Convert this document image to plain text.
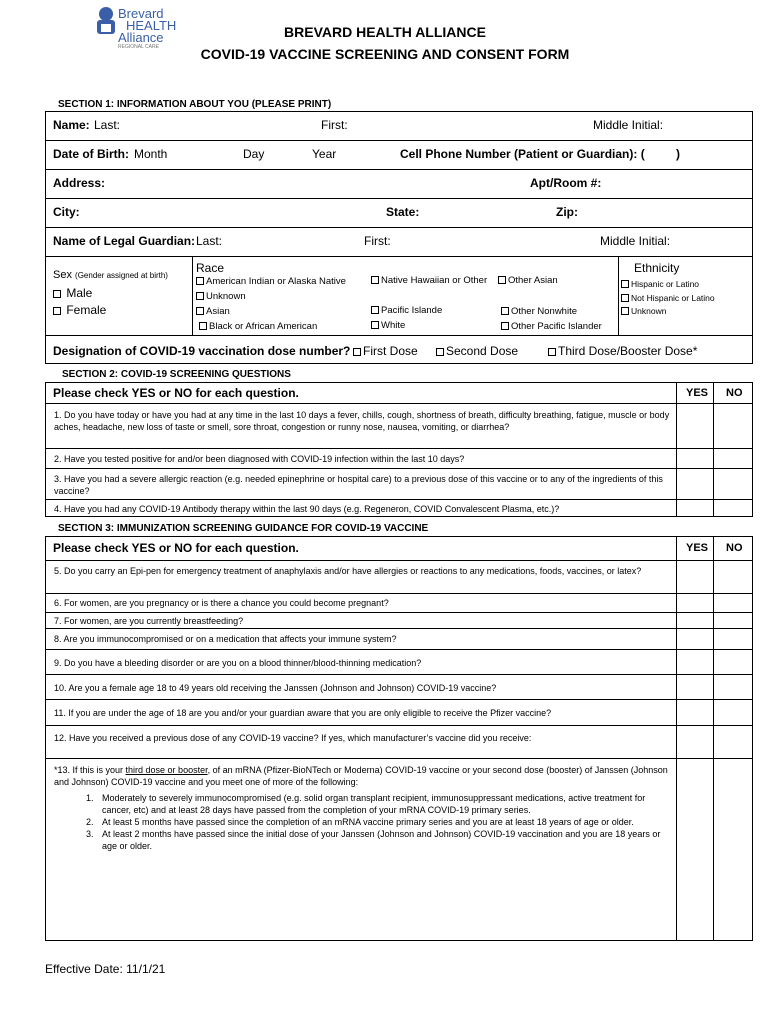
Brevard
HEALTH
Alliance
REGIONAL CARE
BREVARD HEALTH ALLIANCE
COVID-19 VACCINE SCREENING AND CONSENT FORM
SECTION 1: INFORMATION ABOUT YOU (PLEASE PRINT)
Name: Last:	First:	Middle Initial:
Date of Birth: Month	Day	Year	Cell Phone Number (Patient or Guardian): (	)
Address:	Apt/Room #:
City:	State:	Zip:
Name of Legal Guardian: Last:	First:	Middle Initial:
Sex (Gender assigned at birth)
Male
Female
Race
American Indian or Alaska Native	Native Hawaiian or Other	Other Asian
Unknown
Asian	Pacific Islande	Other Nonwhite
Black or African American	White	Other Pacific Islander
Ethnicity
Hispanic or Latino
Not Hispanic or Latino
Unknown
Designation of COVID-19 vaccination dose number?	First Dose	Second Dose	Third Dose/Booster Dose*
SECTION 2: COVID-19 SCREENING QUESTIONS
Please check YES or NO for each question.	YES NO
1. Do you have today or have you had at any time in the last 10 days a fever, chills, cough, shortness of breath, difficulty breathing, fatigue, muscle or body aches, headache, new loss of taste or smell, sore throat, congestion or runny nose, nausea, vomiting, or diarrhea?
2. Have you tested positive for and/or been diagnosed with COVID-19 infection within the last 10 days?
3. Have you had a severe allergic reaction (e.g. needed epinephrine or hospital care) to a previous dose of this vaccine or to any of the ingredients of this vaccine?
4. Have you had any COVID-19 Antibody therapy within the last 90 days (e.g. Regeneron, COVID Convalescent Plasma, etc.)?
SECTION 3: IMMUNIZATION SCREENING GUIDANCE FOR COVID-19 VACCINE
Please check YES or NO for each question.	YES NO
5. Do you carry an Epi-pen for emergency treatment of anaphylaxis and/or have allergies or reactions to any medications, foods, vaccines, or latex?
6. For women, are you pregnancy or is there a chance you could become pregnant?
7. For women, are you currently breastfeeding?
8. Are you immunocompromised or on a medication that affects your immune system?
9. Do you have a bleeding disorder or are you on a blood thinner/blood-thinning medication?
10. Are you a female age 18 to 49 years old receiving the Janssen (Johnson and Johnson) COVID-19 vaccine?
11. If you are under the age of 18 are you and/or your guardian aware that you are only eligible to receive the Pfizer vaccine?
12. Have you received a previous dose of any COVID-19 vaccine? If yes, which manufacturer’s vaccine did you receive:
*13. If this is your third dose or booster, of an mRNA (Pfizer-BioNTech or Moderna) COVID-19 vaccine or your second dose (booster) of Janssen (Johnson and Johnson) COVID-19 vaccine and you meet one of more of the following:
1. Moderately to severely immunocompromised (e.g. solid organ transplant recipient, immunosuppressant medications, active treatment for cancer, etc) and at least 28 days have passed from the completion of your mRNA COVID-19 primary series.
2. At least 5 months have passed since the completion of an mRNA vaccine primary series and you are at least 18 years of age or older.
3. At least 2 months have passed since the initial dose of your Janssen (Johnson and Johnson) COVID-19 vaccination and you are 18 years or age or older.
Effective Date: 11/1/21
